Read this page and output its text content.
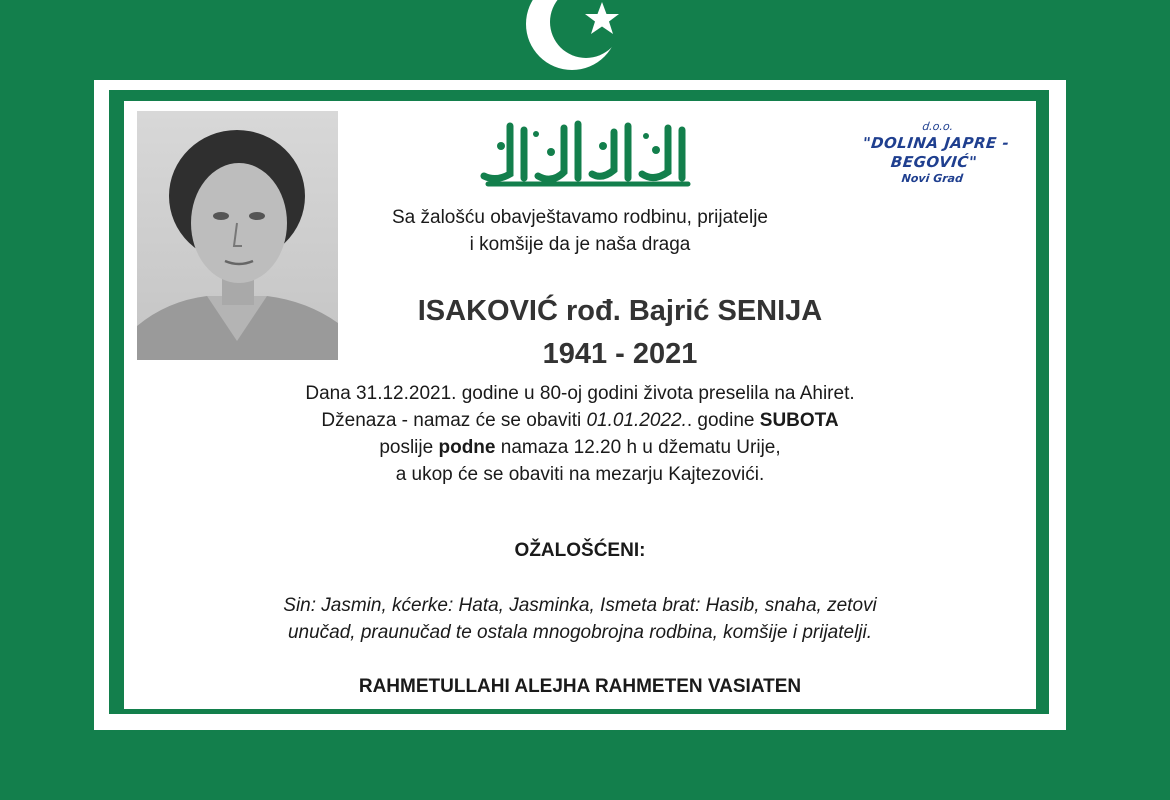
d.o.o.
"DOLINA JAPRE - BEGOVIĆ"
Novi Grad
Sa žalošću obavještavamo rodbinu, prijatelje
i komšije da je naša draga
ISAKOVIĆ rođ. Bajrić SENIJA
1941 - 2021
Dana 31.12.2021. godine u 80-oj godini života preselila na Ahiret.
Dženaza - namaz će se obaviti 01.01.2022.. godine SUBOTA
poslije podne namaza 12.20 h u džematu Urije,
a ukop će se obaviti na mezarju Kajtezovići.
OŽALOŠĆENI:
Sin: Jasmin, kćerke: Hata, Jasminka, Ismeta brat: Hasib, snaha, zetovi
unučad, praunučad te ostala mnogobrojna rodbina, komšije i prijatelji.
RAHMETULLAHI ALEJHA RAHMETEN VASIATEN
